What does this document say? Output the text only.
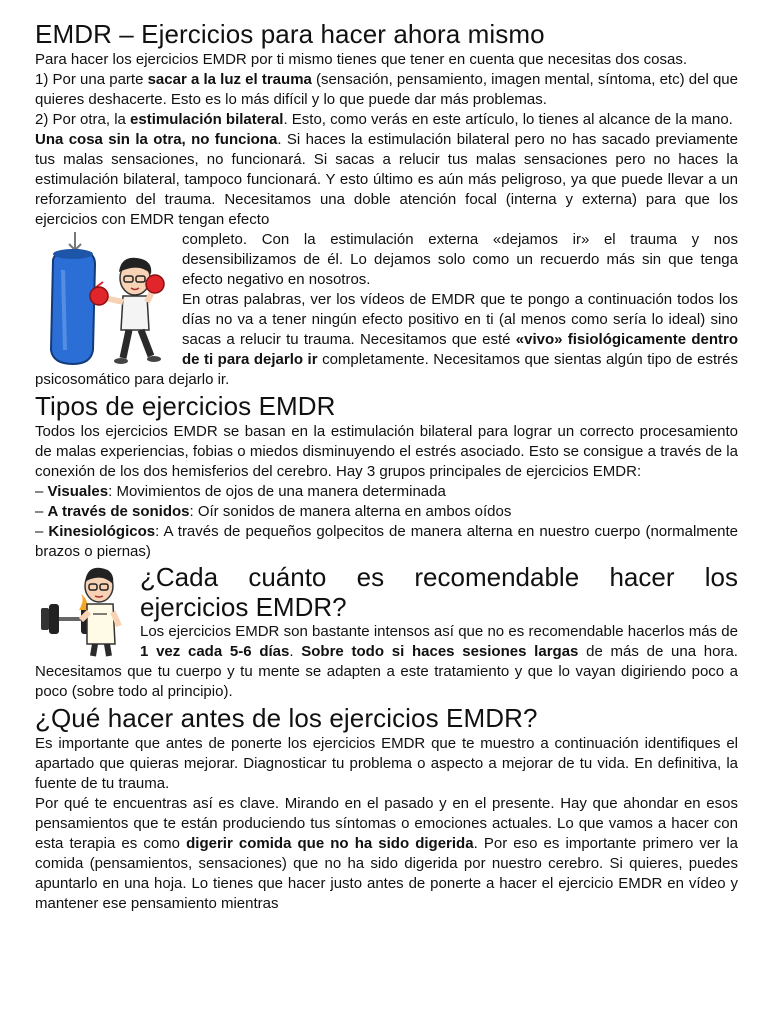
EMDR – Ejercicios para hacer ahora mismo

Para hacer los ejercicios EMDR por ti mismo tienes que tener en cuenta que necesitas dos cosas.

1) Por una parte sacar a la luz el trauma (sensación, pensamiento, imagen mental, síntoma, etc) del que quieres deshacerte. Esto es lo más difícil y lo que puede dar más problemas.

2) Por otra, la estimulación bilateral. Esto, como verás en este artículo, lo tienes al alcance de la mano.

Una cosa sin la otra, no funciona. Si haces la estimulación bilateral pero no has sacado previamente tus malas sensaciones, no funcionará. Si sacas a relucir tus malas sensaciones pero no haces la estimulación bilateral, tampoco funcionará. Y esto último es aún más peligroso, ya que puede llevar a un reforzamiento del trauma. Necesitamos una doble atención focal (interna y externa) para que los ejercicios con EMDR tengan efecto

completo. Con la estimulación externa «dejamos ir» el trauma y nos desensibilizamos de él. Lo dejamos solo como un recuerdo más sin que tenga efecto negativo en nosotros.

En otras palabras, ver los vídeos de EMDR que te pongo a continuación todos los días no va a tener ningún efecto positivo en ti (al menos como sería lo ideal) sino sacas a relucir tu trauma. Necesitamos que esté «vivo» fisiológicamente dentro de ti para dejarlo ir completamente. Necesitamos que sientas algún tipo de estrés psicosomático para dejarlo ir.

Tipos de ejercicios EMDR

Todos los ejercicios EMDR se basan en la estimulación bilateral para lograr un correcto procesamiento de malas experiencias, fobias o miedos disminuyendo el estrés asociado. Esto se consigue a través de la conexión de los dos hemisferios del cerebro. Hay 3 grupos principales de ejercicios EMDR:

– Visuales: Movimientos de ojos de una manera determinada

– A través de sonidos: Oír sonidos de manera alterna en ambos oídos

– Kinesiológicos: A través de pequeños golpecitos de manera alterna en nuestro cuerpo (normalmente brazos o piernas)

¿Cada cuánto es recomendable hacer los ejercicios EMDR?

Los ejercicios EMDR son bastante intensos así que no es recomendable hacerlos más de 1 vez cada 5-6 días. Sobre todo si haces sesiones largas de más de una hora. Necesitamos que tu cuerpo y tu mente se adapten a este tratamiento y que lo vayan digiriendo poco a poco (sobre todo al principio).

¿Qué hacer antes de los ejercicios EMDR?

Es importante que antes de ponerte los ejercicios EMDR que te muestro a continuación identifiques el apartado que quieras mejorar. Diagnosticar tu problema o aspecto a mejorar de tu vida. En definitiva, la fuente de tu trauma.

Por qué te encuentras así es clave. Mirando en el pasado y en el presente. Hay que ahondar en esos pensamientos que te están produciendo tus síntomas o emociones actuales. Lo que vamos a hacer con esta terapia es como digerir comida que no ha sido digerida. Por eso es importante primero ver la comida (pensamientos, sensaciones) que no ha sido digerida por nuestro cerebro. Si quieres, puedes apuntarlo en una hoja. Lo tienes que hacer justo antes de ponerte a hacer el ejercicio EMDR en vídeo y mantener ese pensamiento mientras
